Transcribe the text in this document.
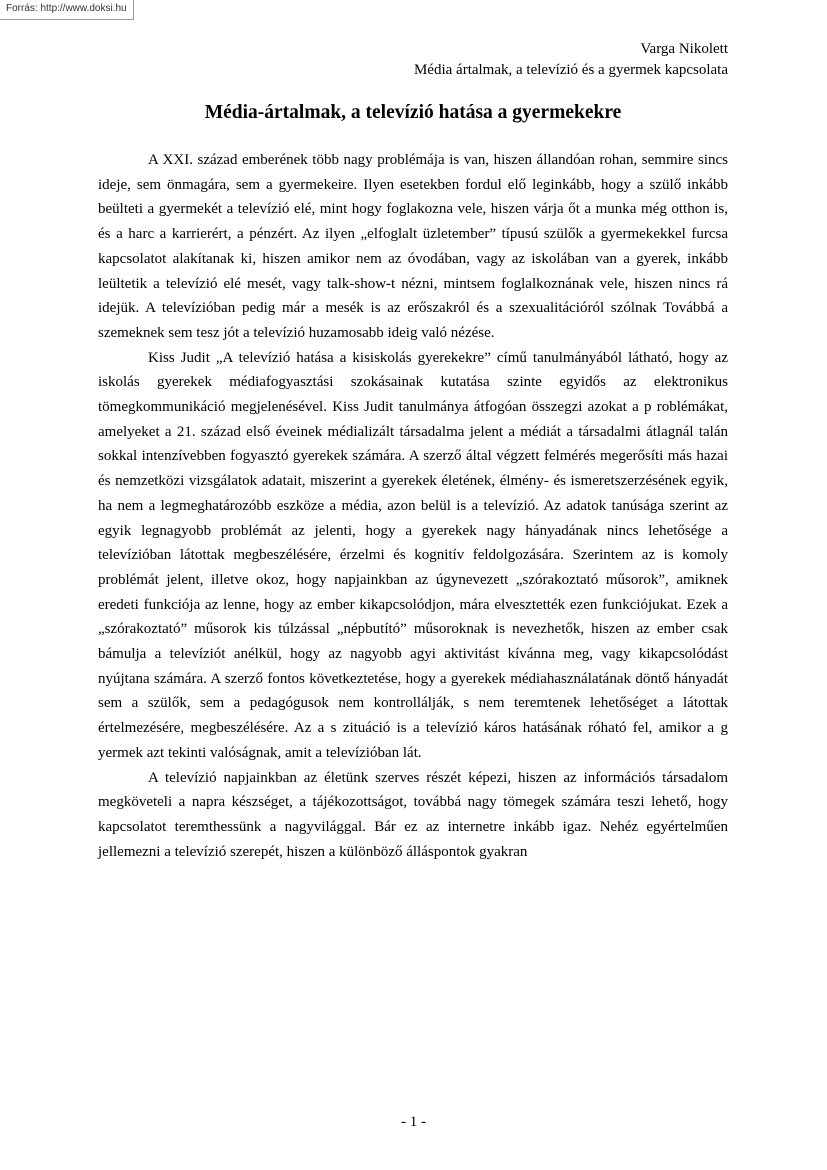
Forrás: http://www.doksi.hu
Varga Nikolett
Média ártalmak, a televízió és a gyermek kapcsolata
Média-ártalmak, a televízió hatása a gyermekekre

A XXI. század emberének több nagy problémája is van, hiszen állandóan rohan, semmire sincs ideje, sem önmagára, sem a gyermekeire. Ilyen esetekben fordul elő leginkább, hogy a szülő inkább beülteti a gyermekét a televízió elé, mint hogy foglakozna vele, hiszen várja őt a munka még otthon is, és a harc a karrierért, a pénzért. Az ilyen „elfoglalt üzletember” típusú szülők a gyermekekkel furcsa kapcsolatot alakítanak ki, hiszen amikor nem az óvodában, vagy az iskolában van a gyerek, inkább leültetik a televízió elé mesét, vagy talk-show-t nézni, mintsem foglalkoznának vele, hiszen nincs rá idejük. A televízióban pedig már a mesék is az erőszakról és a szexualitációról szólnak Továbbá a szemeknek sem tesz jót a televízió huzamosabb ideig való nézése.

Kiss Judit „A televízió hatása a kisiskolás gyerekekre” című tanulmányából látható, hogy az iskolás gyerekek médiafogyasztási szokásainak kutatása szinte egyidős az elektronikus tömegkommunikáció megjelenésével. Kiss Judit tanulmánya átfogóan összegzi azokat a p roblémákat, amelyeket a 21. század első éveinek médializált társadalma jelent a médiát a társadalmi átlagnál talán sokkal intenzívebben fogyasztó gyerekek számára. A szerző által végzett felmérés megerősíti más hazai és nemzetközi vizsgálatok adatait, miszerint a gyerekek életének, élmény- és ismeretszerzésének egyik, ha nem a legmeghatározóbb eszköze a média, azon belül is a televízió. Az adatok tanúsága szerint az egyik legnagyobb problémát az jelenti, hogy a gyerekek nagy hányadának nincs lehetősége a televízióban látottak megbeszélésére, érzelmi és kognitív feldolgozására. Szerintem az is komoly problémát jelent, illetve okoz, hogy napjainkban az úgynevezett „szórakoztató műsorok”, amiknek eredeti funkciója az lenne, hogy az ember kikapcsolódjon, mára elvesztették ezen funkciójukat. Ezek a „szórakoztató” műsorok kis túlzással „népbutító” műsoroknak is nevezhetők, hiszen az ember csak bámulja a televíziót anélkül, hogy az nagyobb agyi aktivitást kívánna meg, vagy kikapcsolódást nyújtana számára. A szerző fontos következtetése, hogy a gyerekek médiahasználatának döntő hányadát sem a szülők, sem a pedagógusok nem kontrollálják, s nem teremtenek lehetőséget a látottak értelmezésére, megbeszélésére. Az a s zituáció is a televízió káros hatásának róható fel, amikor a g yermek azt tekinti valóságnak, amit a televízióban lát.

A televízió napjainkban az életünk szerves részét képezi, hiszen az információs társadalom megköveteli a napra készséget, a tájékozottságot, továbbá nagy tömegek számára teszi lehető, hogy kapcsolatot teremthessünk a nagyvilággal. Bár ez az internetre inkább igaz. Nehéz egyértelműen jellemezni a televízió szerepét, hiszen a különböző álláspontok gyakran

- 1 -
